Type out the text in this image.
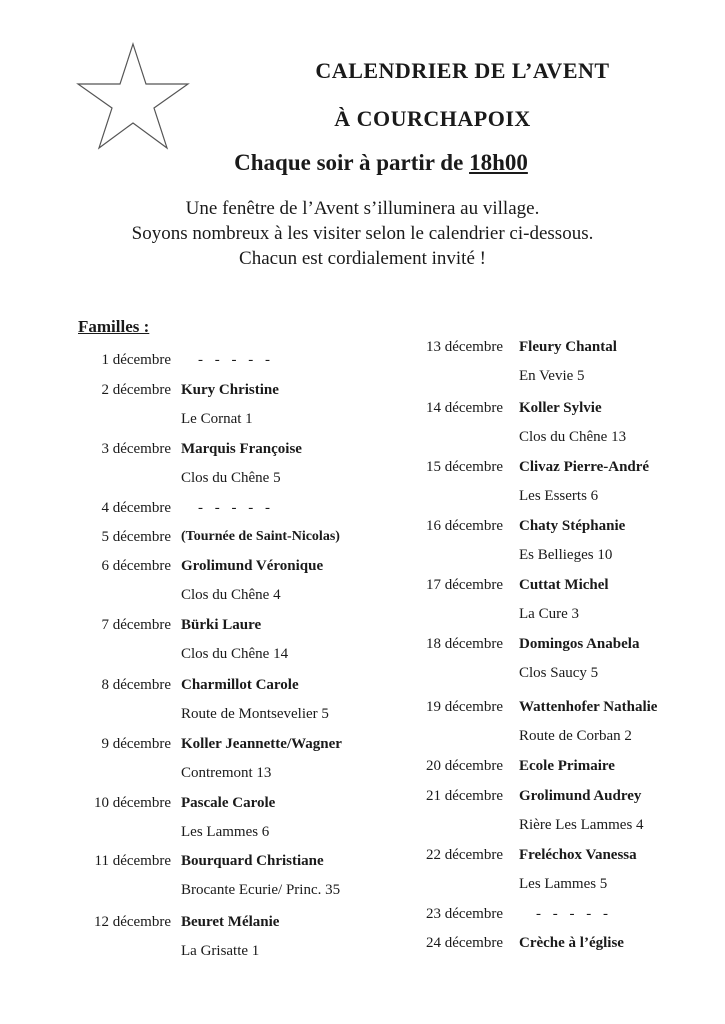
CALENDRIER DE L’AVENT
À COURCHAPOIX
Chaque soir à partir de 18h00
Une fenêtre de l’Avent s’illuminera au village.
Soyons nombreux à les visiter selon le calendrier ci-dessous.
Chacun est cordialement invité !
Familles :
1 décembre - - - - -
2 décembre Kury Christine
Le Cornat 1
3 décembre Marquis Françoise
Clos du Chêne 5
4 décembre - - - - -
5 décembre (Tournée de Saint-Nicolas)
6 décembre Grolimund Véronique
Clos du Chêne 4
7 décembre Bürki Laure
Clos du Chêne 14
8 décembre Charmillot Carole
Route de Montsevelier 5
9 décembre Koller Jeannette/Wagner
Contremont 13
10 décembre Pascale Carole
Les Lammes 6
11 décembre Bourquard Christiane
Brocante Ecurie/ Princ. 35
12 décembre Beuret Mélanie
La Grisatte 1
13 décembre Fleury Chantal
En Vevie 5
14 décembre Koller Sylvie
Clos du Chêne 13
15 décembre Clivaz Pierre-André
Les Esserts 6
16 décembre Chaty Stéphanie
Es Bellieges 10
17 décembre Cuttat Michel
La Cure 3
18 décembre Domingos Anabela
Clos Saucy 5
19 décembre Wattenhofer Nathalie
Route de Corban 2
20 décembre Ecole Primaire
21 décembre Grolimund Audrey
Rière Les Lammes 4
22 décembre Freléchox Vanessa
Les Lammes 5
23 décembre - - - - -
24 décembre Crèche à l’église
